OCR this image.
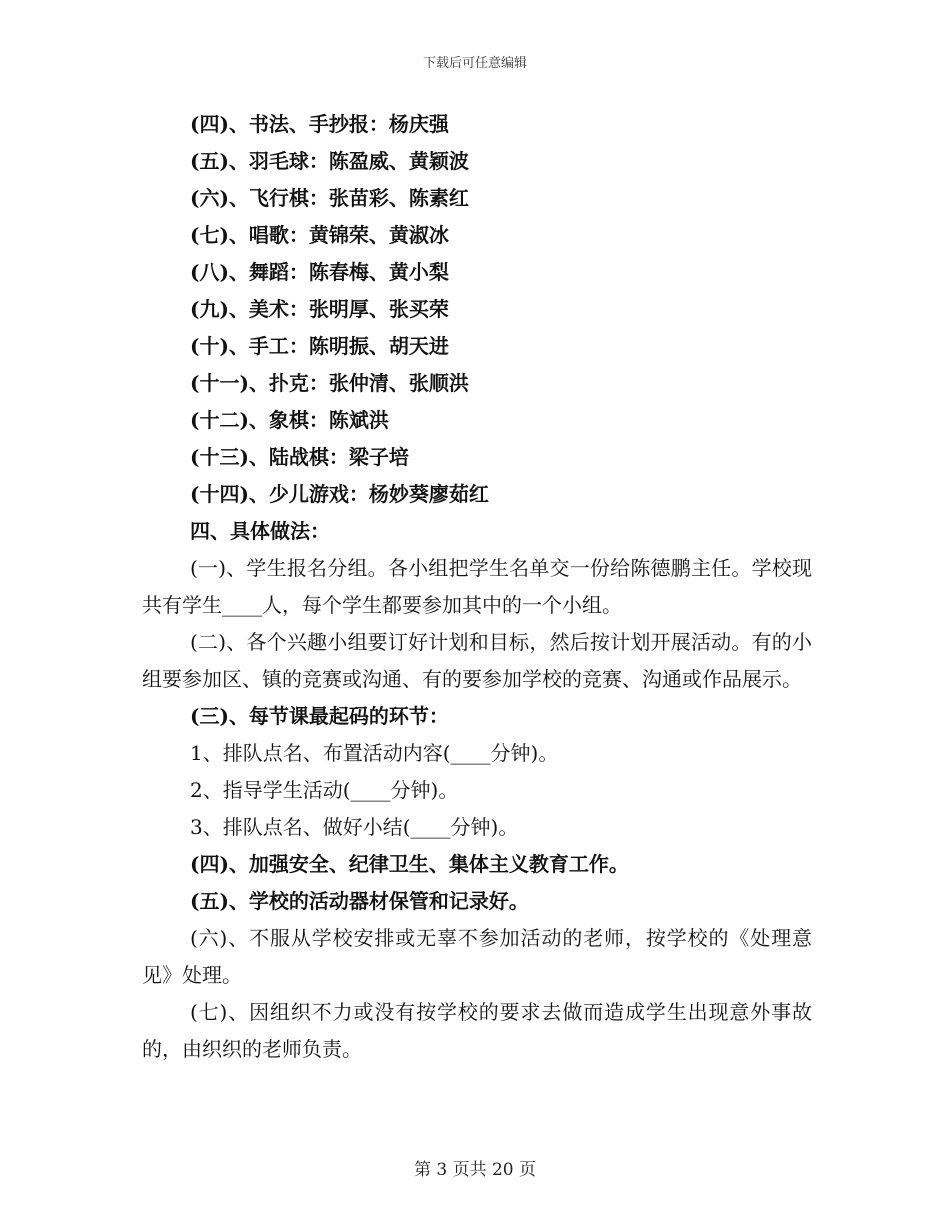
下载后可任意编辑
(四)、书法、手抄报：杨庆强
(五)、羽毛球：陈盈威、黄颖波
(六)、飞行棋：张苗彩、陈素红
(七)、唱歌：黄锦荣、黄淑冰
(八)、舞蹈：陈春梅、黄小梨
(九)、美术：张明厚、张买荣
(十)、手工：陈明振、胡天进
(十一)、扑克：张仲清、张顺洪
(十二)、象棋：陈斌洪
(十三)、陆战棋：梁子培
(十四)、少儿游戏：杨妙葵廖茹红
四、具体做法：

(一)、学生报名分组。各小组把学生名单交一份给陈德鹏主任。学校现共有学生____人，每个学生都要参加其中的一个小组。

(二)、各个兴趣小组要订好计划和目标，然后按计划开展活动。有的小组要参加区、镇的竞赛或沟通、有的要参加学校的竞赛、沟通或作品展示。

(三)、每节课最起码的环节：
1、排队点名、布置活动内容(____分钟)。
2、指导学生活动(____分钟)。
3、排队点名、做好小结(____分钟)。
(四)、加强安全、纪律卫生、集体主义教育工作。
(五)、学校的活动器材保管和记录好。

(六)、不服从学校安排或无辜不参加活动的老师，按学校的《处理意见》处理。

(七)、因组织不力或没有按学校的要求去做而造成学生出现意外事故的，由织织的老师负责。

第 3 页共 20 页
